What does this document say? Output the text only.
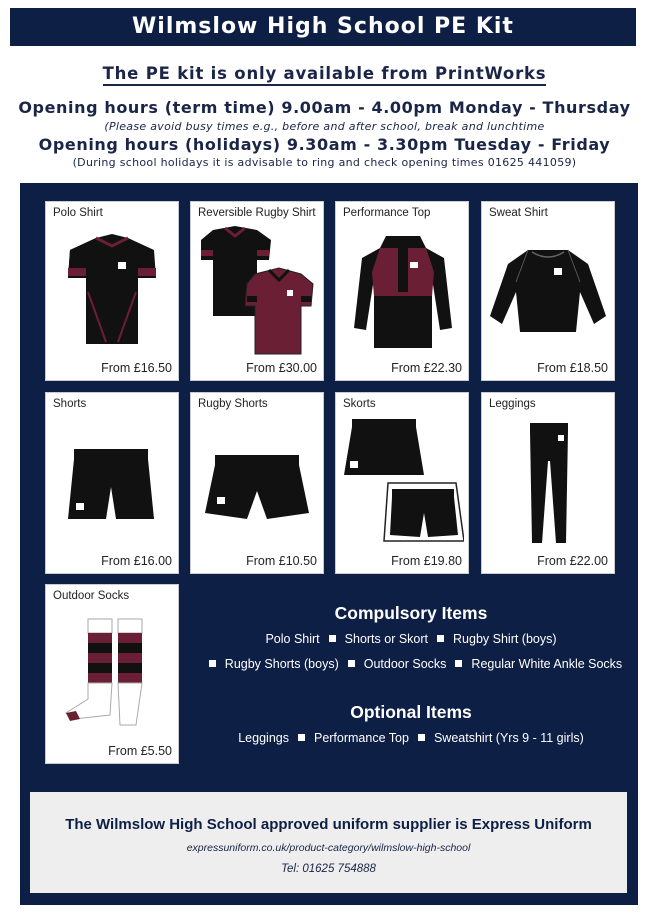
Wilmslow High School PE Kit
The PE kit is only available from PrintWorks
Opening hours (term time) 9.00am - 4.00pm Monday - Thursday
(Please avoid busy times e.g., before and after school, break and lunchtime
Opening hours (holidays) 9.30am - 3.30pm Tuesday - Friday
(During school holidays it is advisable to ring and check opening times 01625 441059)
Polo Shirt
From £16.50
Reversible Rugby Shirt
From £30.00
Performance Top
From £22.30
Sweat Shirt
From £18.50
Shorts
From £16.00
Rugby Shorts
From £10.50
Skorts
From £19.80
Leggings
From £22.00
Outdoor Socks
From £5.50
Compulsory Items
Polo Shirt Shorts or Skort Rugby Shirt (boys)
Rugby Shorts (boys) Outdoor Socks Regular White Ankle Socks
Optional Items
Leggings Performance Top Sweatshirt (Yrs 9 - 11 girls)
The Wilmslow High School approved uniform supplier is Express Uniform
expressuniform.co.uk/product-category/wilmslow-high-school
Tel: 01625 754888
